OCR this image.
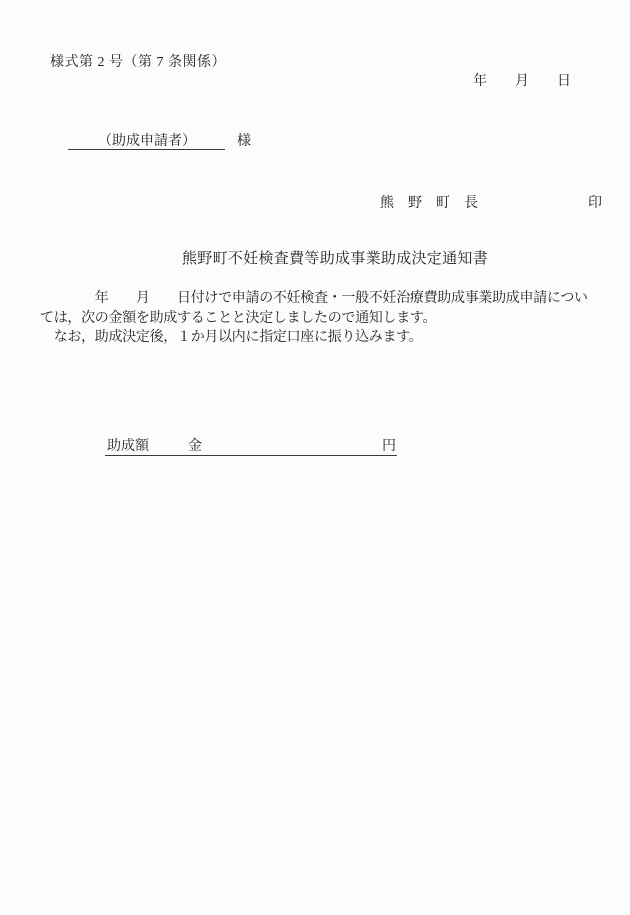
様式第 2 号（第 7 条関係）
年　　月　　日
（助成申請者）	様
熊　野　町　長	印
熊野町不妊検査費等助成事業助成決定通知書
　　　　年　　月　　日付けで申請の不妊検査・一般不妊治療費助成事業助成申請につい
ては，次の金額を助成することと決定しましたので通知します。
　なお，助成決定後，１か月以内に指定口座に振り込みます。
助成額	金	円
